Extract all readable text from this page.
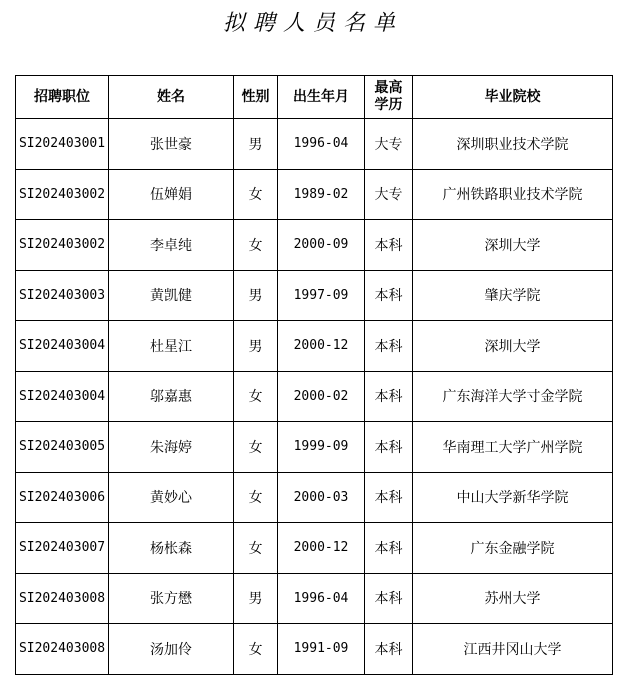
拟聘人员名单
招聘职位	姓名	性别	出生年月	最高学历	毕业院校
SI202403001	张世豪	男	1996-04	大专	深圳职业技术学院
SI202403002	伍婵娟	女	1989-02	大专	广州铁路职业技术学院
SI202403002	李卓纯	女	2000-09	本科	深圳大学
SI202403003	黄凯健	男	1997-09	本科	肇庆学院
SI202403004	杜星江	男	2000-12	本科	深圳大学
SI202403004	邬嘉惠	女	2000-02	本科	广东海洋大学寸金学院
SI202403005	朱海婷	女	1999-09	本科	华南理工大学广州学院
SI202403006	黄妙心	女	2000-03	本科	中山大学新华学院
SI202403007	杨枨森	女	2000-12	本科	广东金融学院
SI202403008	张方懋	男	1996-04	本科	苏州大学
SI202403008	汤加伶	女	1991-09	本科	江西井冈山大学
